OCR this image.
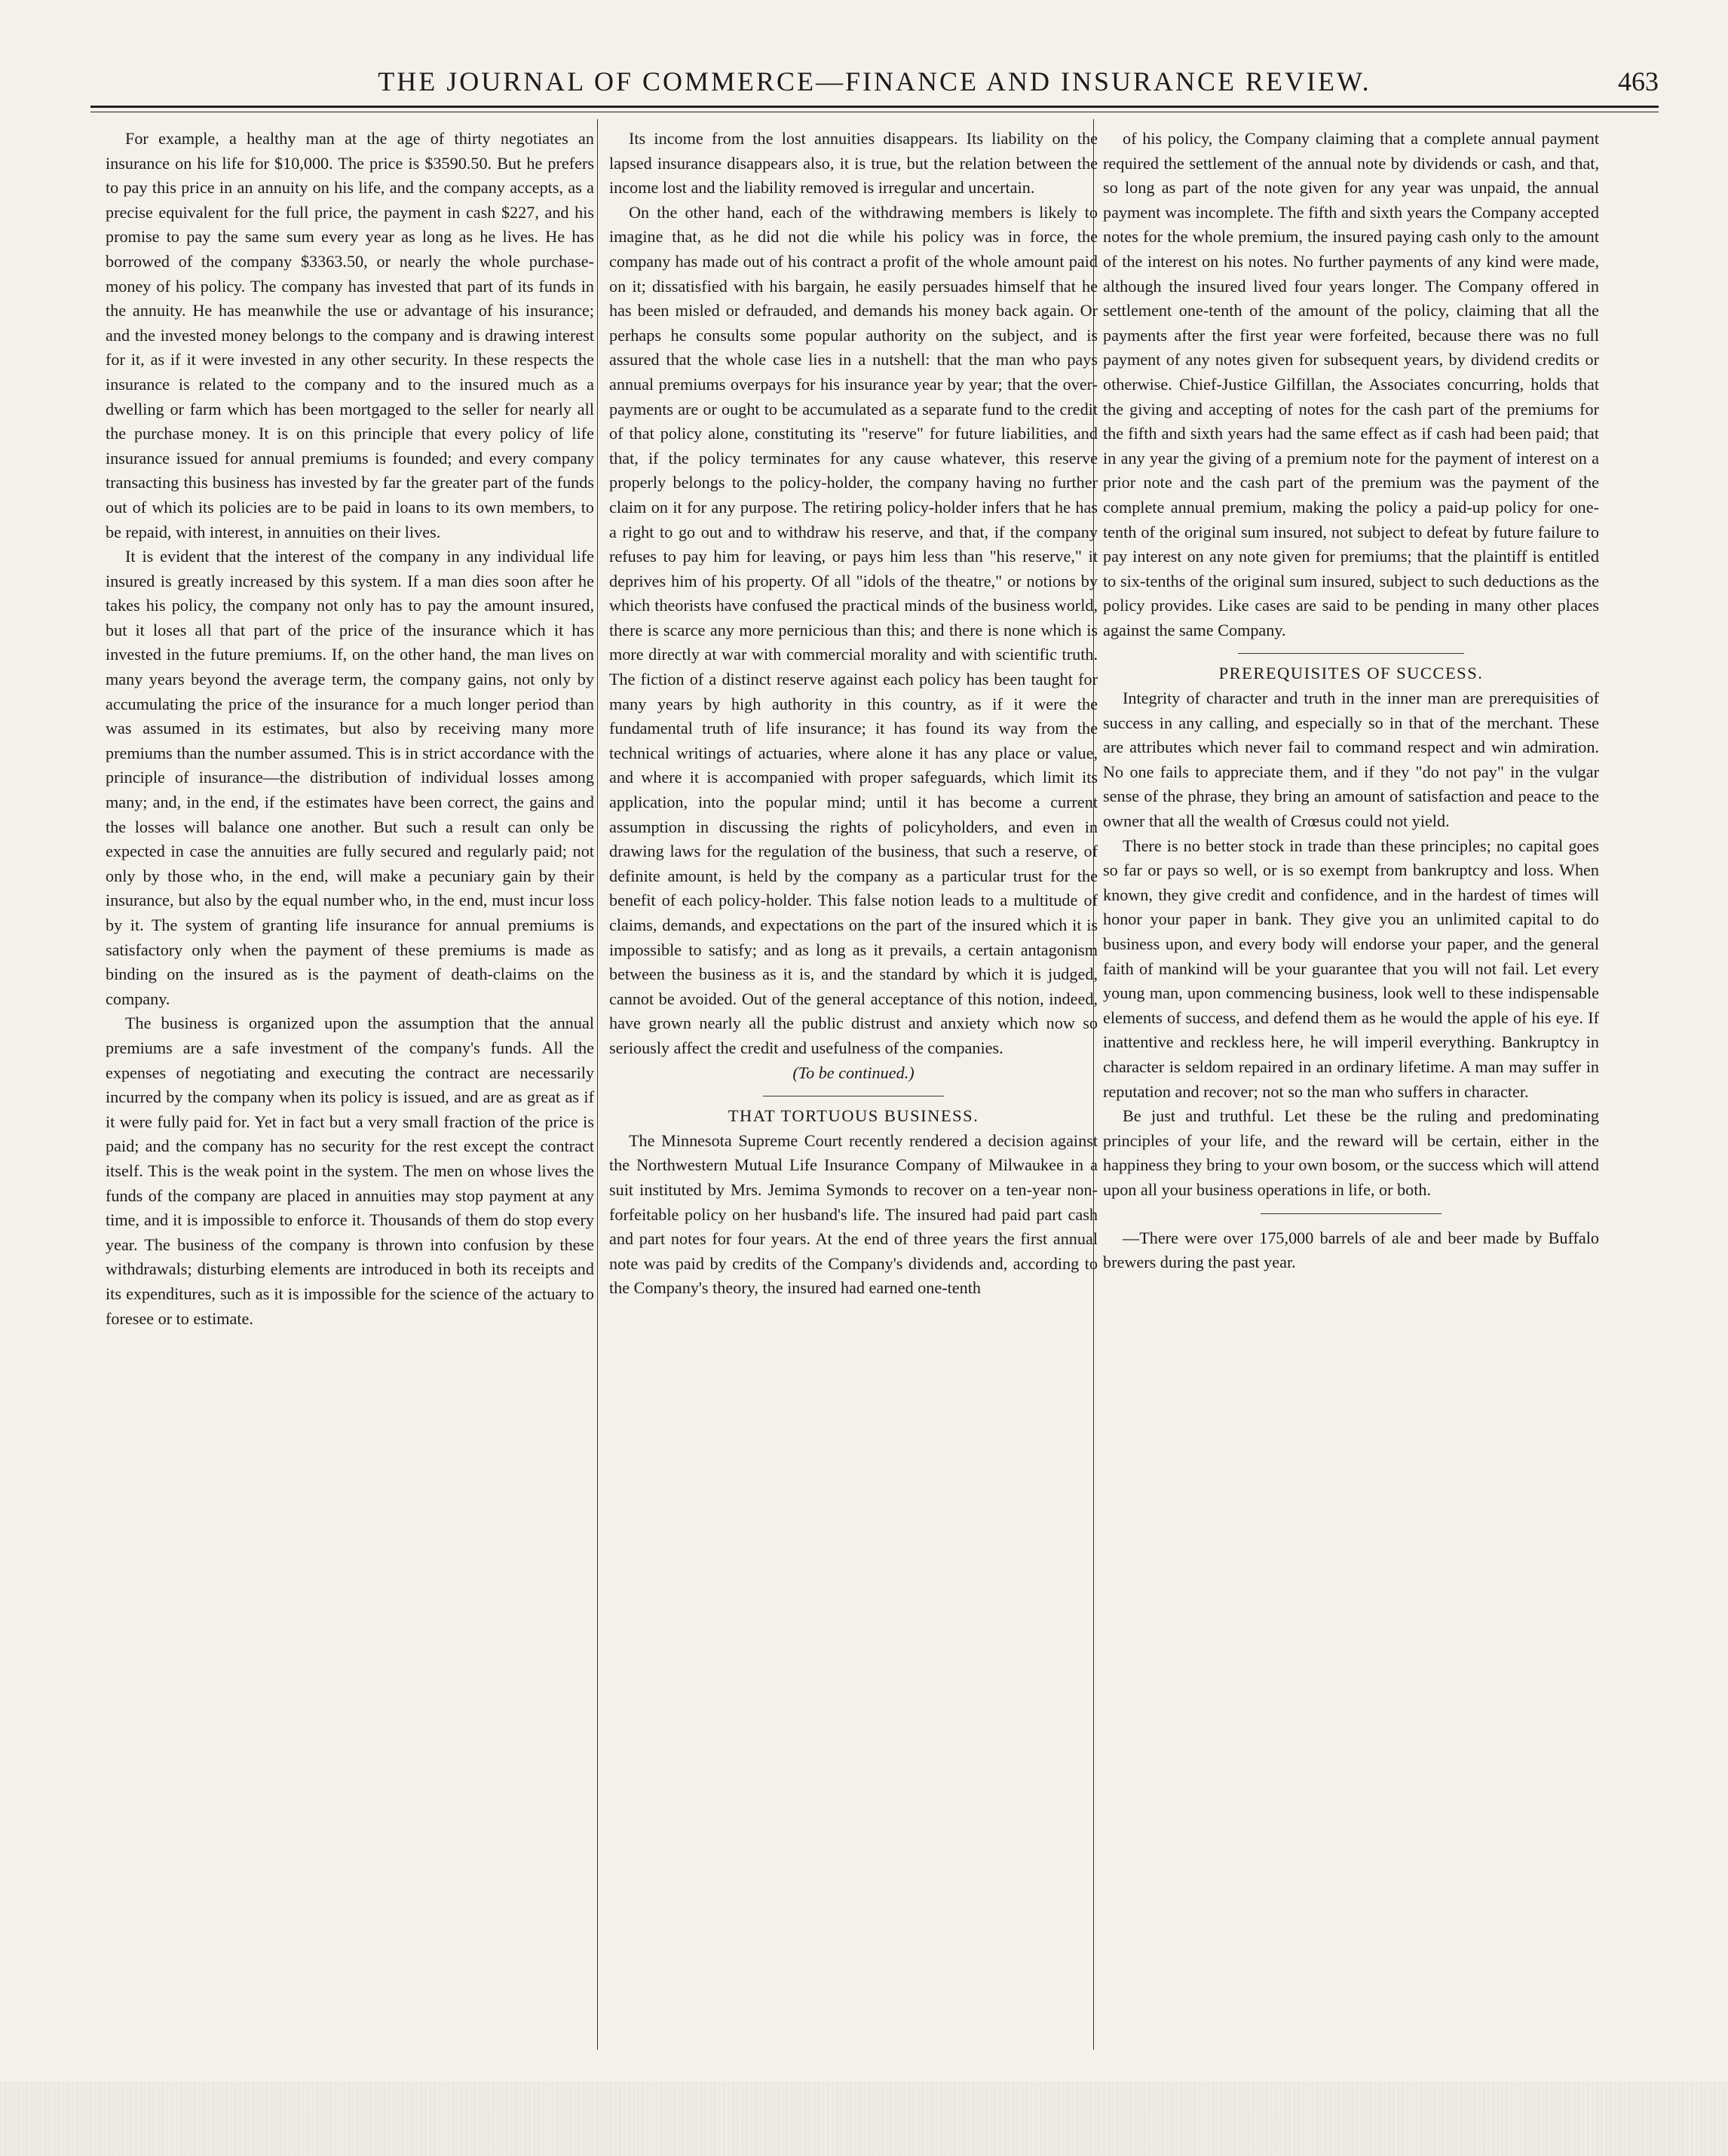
THE JOURNAL OF COMMERCE—FINANCE AND INSURANCE REVIEW.	463

For example, a healthy man at the age of thirty negotiates an insurance on his life for $10,000. The price is $3590.50. But he prefers to pay this price in an annuity on his life, and the company accepts, as a precise equivalent for the full price, the payment in cash $227, and his promise to pay the same sum every year as long as he lives. He has borrowed of the company $3363.50, or nearly the whole purchase-money of his policy. The company has invested that part of its funds in the annuity. He has meanwhile the use or advantage of his insurance; and the invested money belongs to the company and is drawing interest for it, as if it were invested in any other security. In these respects the insurance is related to the company and to the insured much as a dwelling or farm which has been mortgaged to the seller for nearly all the purchase money. It is on this principle that every policy of life insurance issued for annual premiums is founded; and every company transacting this business has invested by far the greater part of the funds out of which its policies are to be paid in loans to its own members, to be repaid, with interest, in annuities on their lives.

It is evident that the interest of the company in any individual life insured is greatly increased by this system. If a man dies soon after he takes his policy, the company not only has to pay the amount insured, but it loses all that part of the price of the insurance which it has invested in the future premiums. If, on the other hand, the man lives on many years beyond the average term, the company gains, not only by accumulating the price of the insurance for a much longer period than was assumed in its estimates, but also by receiving many more premiums than the number assumed. This is in strict accordance with the principle of insurance—the distribution of individual losses among many; and, in the end, if the estimates have been correct, the gains and the losses will balance one another. But such a result can only be expected in case the annuities are fully secured and regularly paid; not only by those who, in the end, will make a pecuniary gain by their insurance, but also by the equal number who, in the end, must incur loss by it. The system of granting life insurance for annual premiums is satisfactory only when the payment of these premiums is made as binding on the insured as is the payment of death-claims on the company.

The business is organized upon the assumption that the annual premiums are a safe investment of the company's funds. All the expenses of negotiating and executing the contract are necessarily incurred by the company when its policy is issued, and are as great as if it were fully paid for. Yet in fact but a very small fraction of the price is paid; and the company has no security for the rest except the contract itself. This is the weak point in the system. The men on whose lives the funds of the company are placed in annuities may stop payment at any time, and it is impossible to enforce it. Thousands of them do stop every year. The business of the company is thrown into confusion by these withdrawals; disturbing elements are introduced in both its receipts and its expenditures, such as it is impossible for the science of the actuary to foresee or to estimate.

Its income from the lost annuities disappears. Its liability on the lapsed insurance disappears also, it is true, but the relation between the income lost and the liability removed is irregular and uncertain.

On the other hand, each of the withdrawing members is likely to imagine that, as he did not die while his policy was in force, the company has made out of his contract a profit of the whole amount paid on it; dissatisfied with his bargain, he easily persuades himself that he has been misled or defrauded, and demands his money back again. Or perhaps he consults some popular authority on the subject, and is assured that the whole case lies in a nutshell: that the man who pays annual premiums overpays for his insurance year by year; that the over-payments are or ought to be accumulated as a separate fund to the credit of that policy alone, constituting its "reserve" for future liabilities, and that, if the policy terminates for any cause whatever, this reserve properly belongs to the policy-holder, the company having no further claim on it for any purpose. The retiring policy-holder infers that he has a right to go out and to withdraw his reserve, and that, if the company refuses to pay him for leaving, or pays him less than "his reserve," it deprives him of his property. Of all "idols of the theatre," or notions by which theorists have confused the practical minds of the business world, there is scarce any more pernicious than this; and there is none which is more directly at war with commercial morality and with scientific truth. The fiction of a distinct reserve against each policy has been taught for many years by high authority in this country, as if it were the fundamental truth of life insurance; it has found its way from the technical writings of actuaries, where alone it has any place or value, and where it is accompanied with proper safeguards, which limit its application, into the popular mind; until it has become a current assumption in discussing the rights of policyholders, and even in drawing laws for the regulation of the business, that such a reserve, of definite amount, is held by the company as a particular trust for the benefit of each policy-holder. This false notion leads to a multitude of claims, demands, and expectations on the part of the insured which it is impossible to satisfy; and as long as it prevails, a certain antagonism between the business as it is, and the standard by which it is judged, cannot be avoided. Out of the general acceptance of this notion, indeed, have grown nearly all the public distrust and anxiety which now so seriously affect the credit and usefulness of the companies.

(To be continued.)

THAT TORTUOUS BUSINESS.

The Minnesota Supreme Court recently rendered a decision against the Northwestern Mutual Life Insurance Company of Milwaukee in a suit instituted by Mrs. Jemima Symonds to recover on a ten-year non-forfeitable policy on her husband's life. The insured had paid part cash and part notes for four years. At the end of three years the first annual note was paid by credits of the Company's dividends and, according to the Company's theory, the insured had earned one-tenth

of his policy, the Company claiming that a complete annual payment required the settlement of the annual note by dividends or cash, and that, so long as part of the note given for any year was unpaid, the annual payment was incomplete. The fifth and sixth years the Company accepted notes for the whole premium, the insured paying cash only to the amount of the interest on his notes. No further payments of any kind were made, although the insured lived four years longer. The Company offered in settlement one-tenth of the amount of the policy, claiming that all the payments after the first year were forfeited, because there was no full payment of any notes given for subsequent years, by dividend credits or otherwise. Chief-Justice Gilfillan, the Associates concurring, holds that the giving and accepting of notes for the cash part of the premiums for the fifth and sixth years had the same effect as if cash had been paid; that in any year the giving of a premium note for the payment of interest on a prior note and the cash part of the premium was the payment of the complete annual premium, making the policy a paid-up policy for one-tenth of the original sum insured, not subject to defeat by future failure to pay interest on any note given for premiums; that the plaintiff is entitled to six-tenths of the original sum insured, subject to such deductions as the policy provides. Like cases are said to be pending in many other places against the same Company.

PREREQUISITES OF SUCCESS.

Integrity of character and truth in the inner man are prerequisities of success in any calling, and especially so in that of the merchant. These are attributes which never fail to command respect and win admiration. No one fails to appreciate them, and if they "do not pay" in the vulgar sense of the phrase, they bring an amount of satisfaction and peace to the owner that all the wealth of Crœsus could not yield.

There is no better stock in trade than these principles; no capital goes so far or pays so well, or is so exempt from bankruptcy and loss. When known, they give credit and confidence, and in the hardest of times will honor your paper in bank. They give you an unlimited capital to do business upon, and every body will endorse your paper, and the general faith of mankind will be your guarantee that you will not fail. Let every young man, upon commencing business, look well to these indispensable elements of success, and defend them as he would the apple of his eye. If inattentive and reckless here, he will imperil everything. Bankruptcy in character is seldom repaired in an ordinary lifetime. A man may suffer in reputation and recover; not so the man who suffers in character.

Be just and truthful. Let these be the ruling and predominating principles of your life, and the reward will be certain, either in the happiness they bring to your own bosom, or the success which will attend upon all your business operations in life, or both.

—There were over 175,000 barrels of ale and beer made by Buffalo brewers during the past year.
